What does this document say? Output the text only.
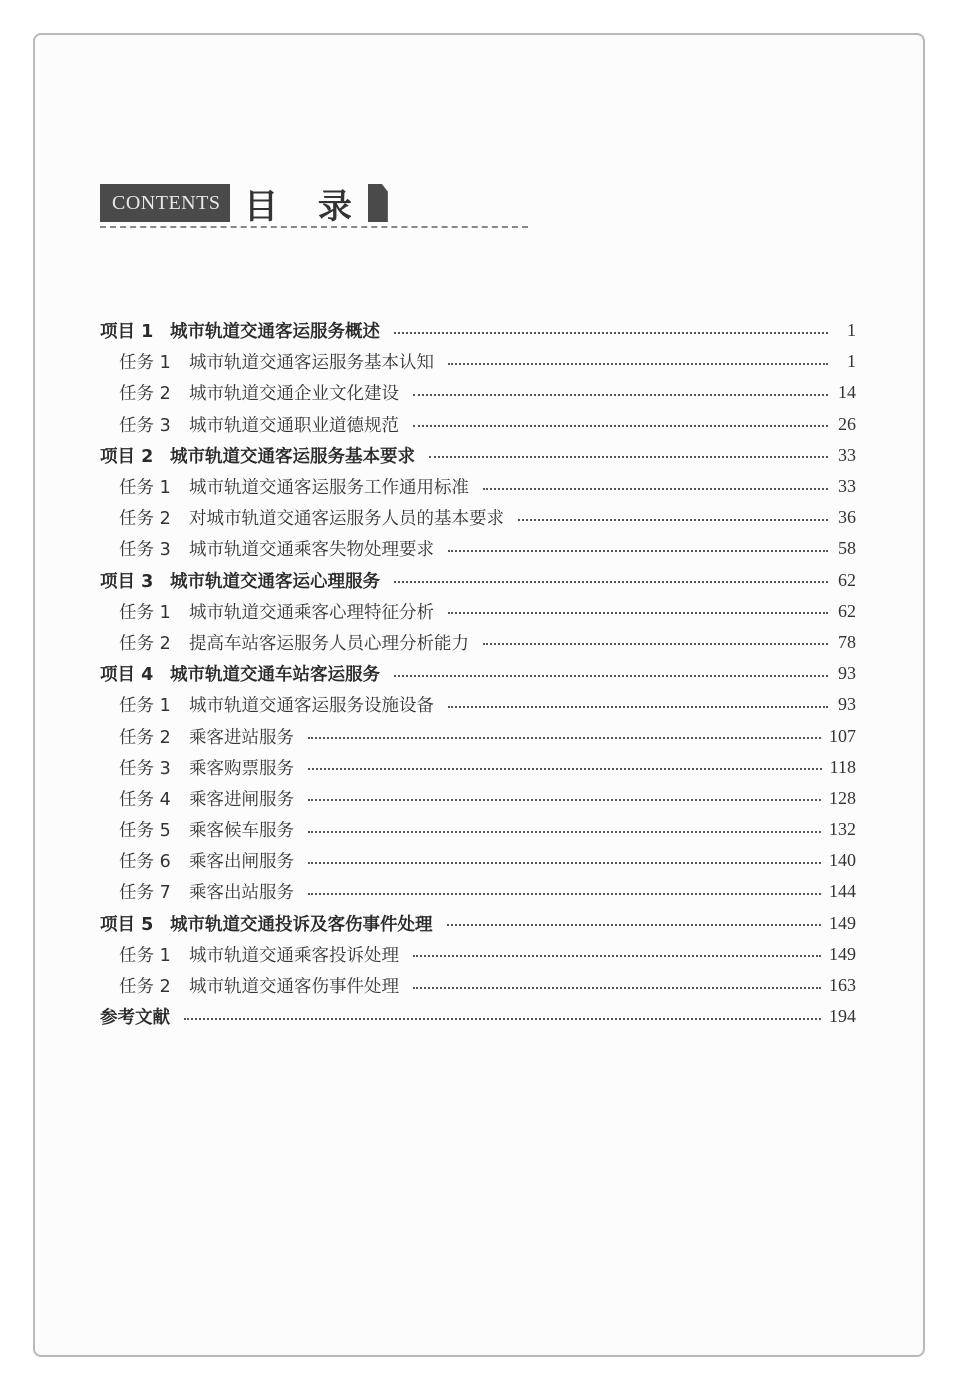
CONTENTS 目 录
项目 1 城市轨道交通客运服务概述	1
任务 1	城市轨道交通客运服务基本认知	1
任务 2	城市轨道交通企业文化建设	14
任务 3	城市轨道交通职业道德规范	26
项目 2 城市轨道交通客运服务基本要求	33
任务 1	城市轨道交通客运服务工作通用标准	33
任务 2	对城市轨道交通客运服务人员的基本要求	36
任务 3	城市轨道交通乘客失物处理要求	58
项目 3 城市轨道交通客运心理服务	62
任务 1	城市轨道交通乘客心理特征分析	62
任务 2	提高车站客运服务人员心理分析能力	78
项目 4 城市轨道交通车站客运服务	93
任务 1	城市轨道交通客运服务设施设备	93
任务 2	乘客进站服务	107
任务 3	乘客购票服务	118
任务 4	乘客进闸服务	128
任务 5	乘客候车服务	132
任务 6	乘客出闸服务	140
任务 7	乘客出站服务	144
项目 5 城市轨道交通投诉及客伤事件处理	149
任务 1	城市轨道交通乘客投诉处理	149
任务 2	城市轨道交通客伤事件处理	163
参考文献	194
